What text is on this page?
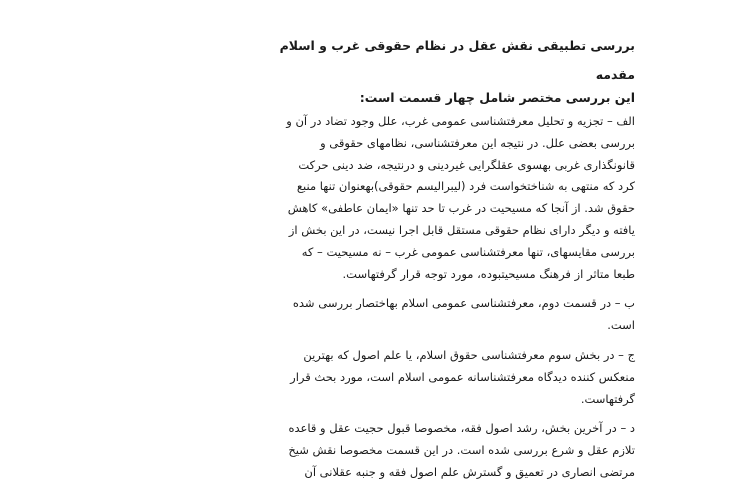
بررسی تطبیقی نقش عقل در نظام حقوقی غرب و اسلام
مقدمه
این بررسی مختصر شامل چهار قسمت است:
الف – تجزیه و تحلیل معرفتشناسی عمومی غرب، علل وجود تضاد در آن و
بررسی بعضی علل. در نتیجه این معرفتشناسی، نظامهای حقوقی و
قانونگذاری غربی بهسوی عقلگرایی غیردینی و درنتیجه، ضد دینی حرکت
کرد که منتهی به شناختخواست فرد (لیبرالیسم حقوقی)بهعنوان تنها منبع
حقوق شد. از آنجا که مسیحیت در غرب تا حد تنها «ایمان عاطفی» کاهش
یافته و دیگر دارای نظام حقوقی مستقل قابل اجرا نیست، در این بخش از
بررسی مقایسهای، تنها معرفتشناسی عمومی غرب – نه مسیحیت – که
طبعا متاثر از فرهنگ مسیحیتبوده، مورد توجه قرار گرفتهاست.
ب – در قسمت دوم، معرفتشناسی عمومی اسلام بهاختصار بررسی شده
است.
ج – در بخش سوم معرفتشناسی حقوق اسلام، یا علم اصول که بهترین
منعکس کننده دیدگاه معرفتشناسانه عمومی اسلام است، مورد بحث قرار
گرفتهاست.
د – در آخرین بخش، رشد اصول فقه، مخصوصا قبول حجیت عقل و قاعده
تلازم عقل و شرع بررسی شده است. در این قسمت مخصوصا نقش شیخ
مرتضی انصاری در تعمیق و گسترش علم اصول فقه و جنبه عقلانی آن
